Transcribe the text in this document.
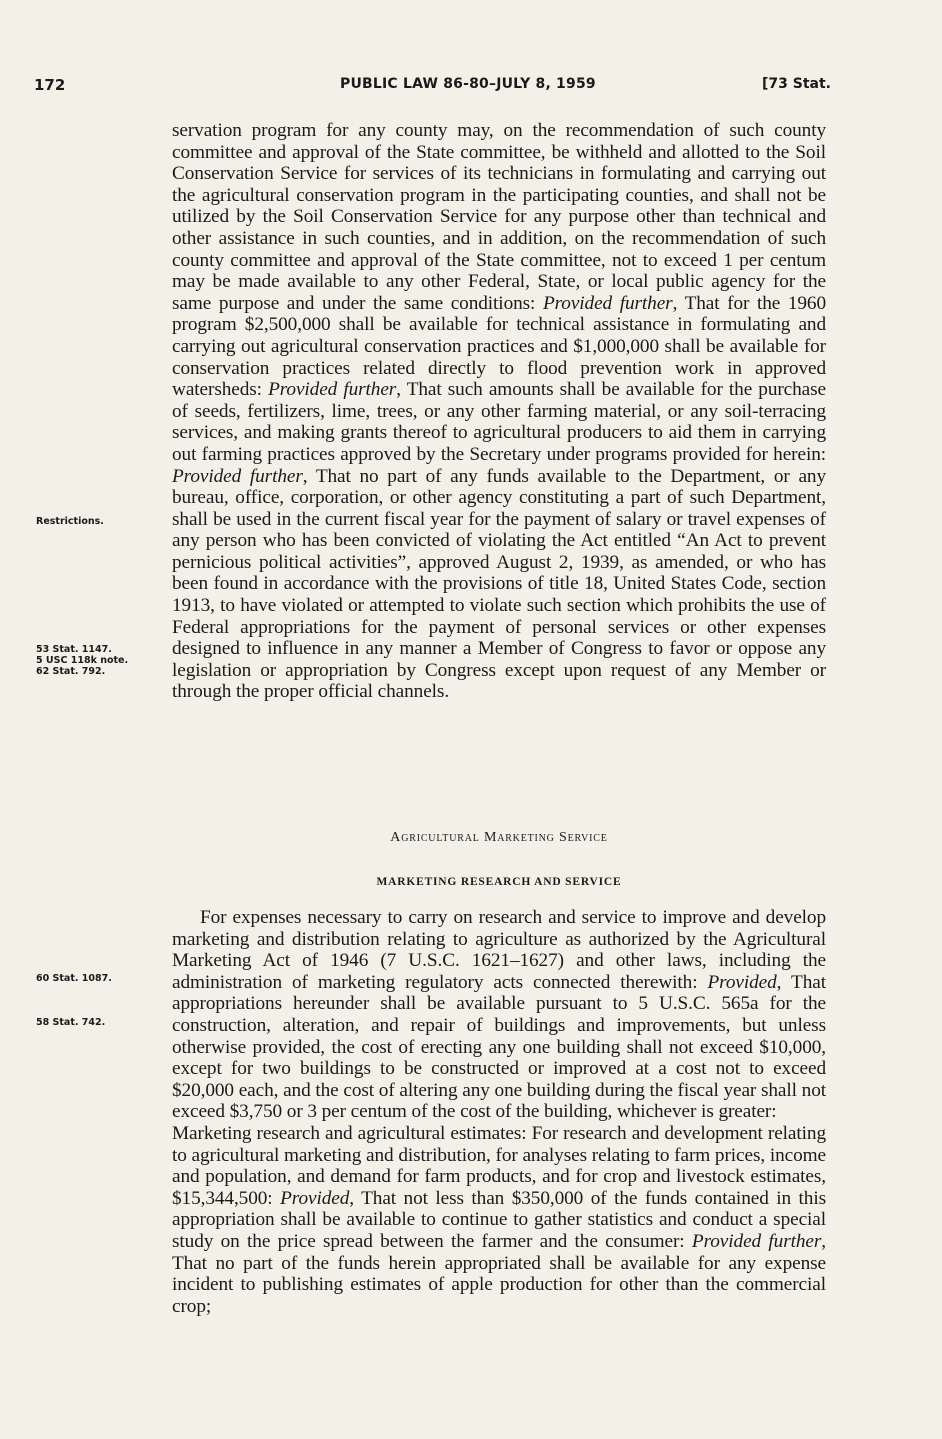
172	PUBLIC LAW 86-80–JULY 8, 1959	[73 Stat.
Restrictions.
53 Stat. 1147.
5 USC 118k note.
62 Stat. 792.
60 Stat. 1087.
58 Stat. 742.

servation program for any county may, on the recommendation of such county committee and approval of the State committee, be withheld and allotted to the Soil Conservation Service for services of its technicians in formulating and carrying out the agricultural conservation program in the participating counties, and shall not be utilized by the Soil Conservation Service for any purpose other than technical and other assistance in such counties, and in addition, on the recommendation of such county committee and approval of the State committee, not to exceed 1 per centum may be made available to any other Federal, State, or local public agency for the same purpose and under the same conditions: Provided further, That for the 1960 program $2,500,000 shall be available for technical assistance in formulating and carrying out agricultural conservation practices and $1,000,000 shall be available for conservation practices related directly to flood prevention work in approved watersheds: Provided further, That such amounts shall be available for the purchase of seeds, fertilizers, lime, trees, or any other farming material, or any soil-terracing services, and making grants thereof to agricultural producers to aid them in carrying out farming practices approved by the Secretary under programs provided for herein: Provided further, That no part of any funds available to the Department, or any bureau, office, corporation, or other agency constituting a part of such Department, shall be used in the current fiscal year for the payment of salary or travel expenses of any person who has been convicted of violating the Act entitled “An Act to prevent pernicious political activities”, approved August 2, 1939, as amended, or who has been found in accordance with the provisions of title 18, United States Code, section 1913, to have violated or attempted to violate such section which prohibits the use of Federal appropriations for the payment of personal services or other expenses designed to influence in any manner a Member of Congress to favor or oppose any legislation or appropriation by Congress except upon request of any Member or through the proper official channels.

Agricultural Marketing Service
MARKETING RESEARCH AND SERVICE

For expenses necessary to carry on research and service to improve and develop marketing and distribution relating to agriculture as authorized by the Agricultural Marketing Act of 1946 (7 U.S.C. 1621–1627) and other laws, including the administration of marketing regulatory acts connected therewith: Provided, That appropriations hereunder shall be available pursuant to 5 U.S.C. 565a for the construction, alteration, and repair of buildings and improvements, but unless otherwise provided, the cost of erecting any one building shall not exceed $10,000, except for two buildings to be constructed or improved at a cost not to exceed $20,000 each, and the cost of altering any one building during the fiscal year shall not exceed $3,750 or 3 per centum of the cost of the building, whichever is greater:

Marketing research and agricultural estimates: For research and development relating to agricultural marketing and distribution, for analyses relating to farm prices, income and population, and demand for farm products, and for crop and livestock estimates, $15,344,500: Provided, That not less than $350,000 of the funds contained in this appropriation shall be available to continue to gather statistics and conduct a special study on the price spread between the farmer and the consumer: Provided further, That no part of the funds herein appropriated shall be available for any expense incident to publishing estimates of apple production for other than the commercial crop;
